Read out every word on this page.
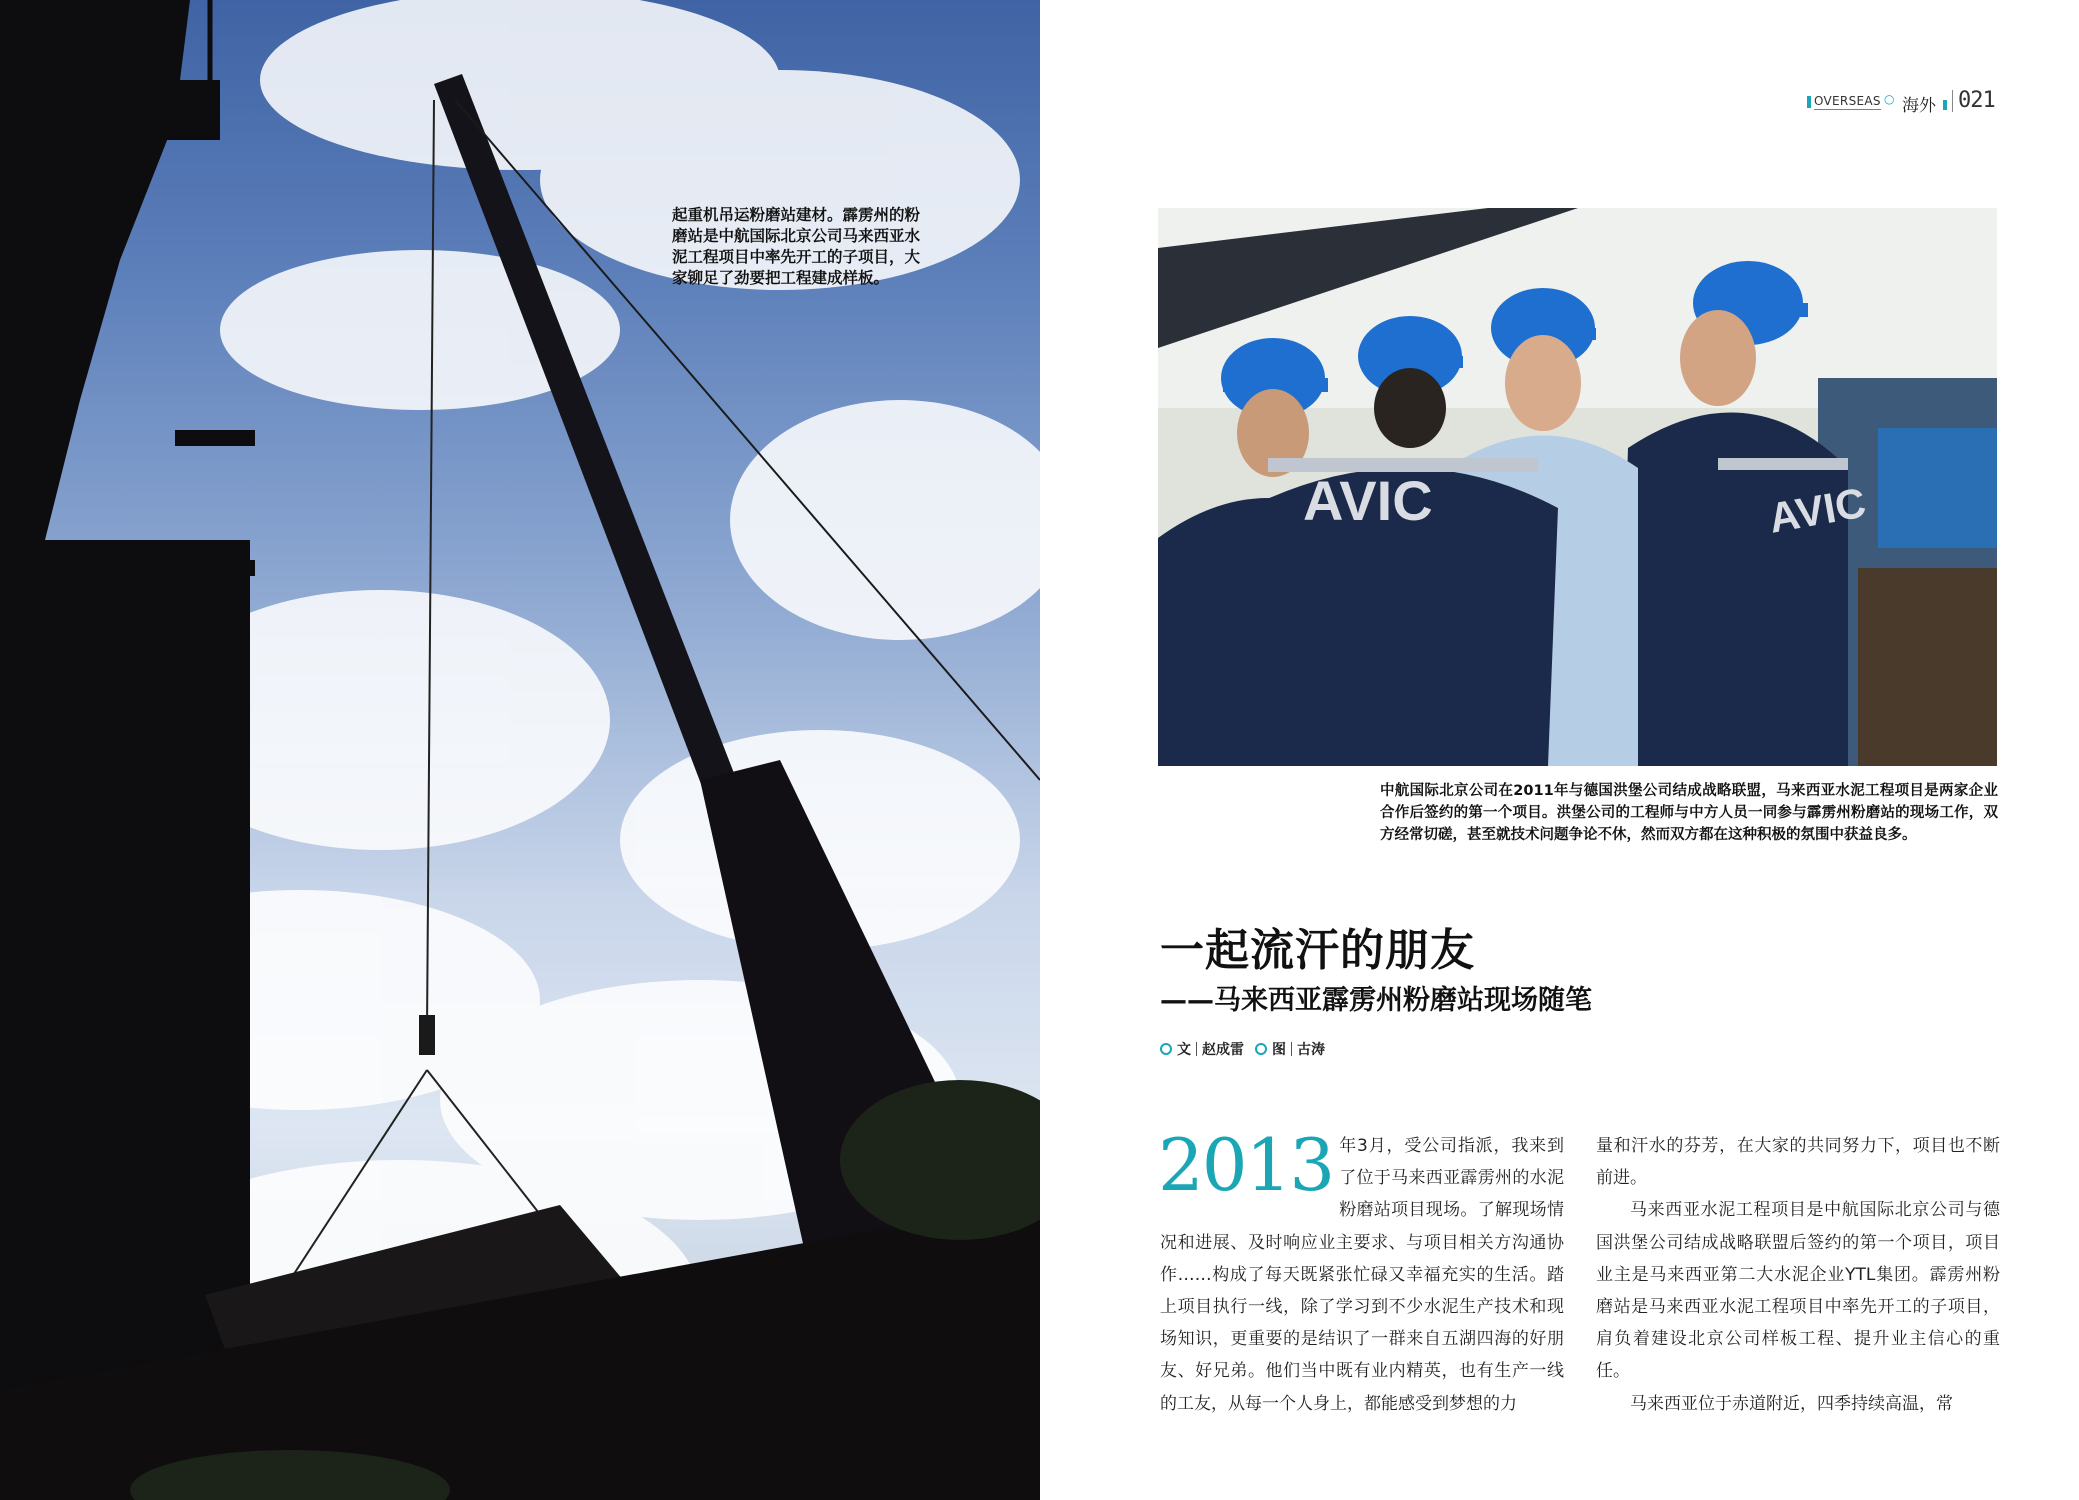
起重机吊运粉磨站建材。霹雳州的粉磨站是中航国际北京公司马来西亚水泥工程项目中率先开工的子项目，大家铆足了劲要把工程建成样板。
OVERSEAS ○ 海外 021
AVIC
AVIC
中航国际北京公司在2011年与德国洪堡公司结成战略联盟，马来西亚水泥工程项目是两家企业合作后签约的第一个项目。洪堡公司的工程师与中方人员一同参与霹雳州粉磨站的现场工作，双方经常切磋，甚至就技术问题争论不休，然而双方都在这种积极的氛围中获益良多。
一起流汗的朋友
——马来西亚霹雳州粉磨站现场随笔
文 赵成雷 图 古涛
2013 年3月，受公司指派，我来到了位于马来西亚霹雳州的水泥粉磨站项目现场。了解现场情况和进展、及时响应业主要求、与项目相关方沟通协作……构成了每天既紧张忙碌又幸福充实的生活。踏上项目执行一线，除了学习到不少水泥生产技术和现场知识，更重要的是结识了一群来自五湖四海的好朋友、好兄弟。他们当中既有业内精英，也有生产一线的工友，从每一个人身上，都能感受到梦想的力

量和汗水的芬芳，在大家的共同努力下，项目也不断前进。

马来西亚水泥工程项目是中航国际北京公司与德国洪堡公司结成战略联盟后签约的第一个项目，项目业主是马来西亚第二大水泥企业YTL集团。霹雳州粉磨站是马来西亚水泥工程项目中率先开工的子项目，肩负着建设北京公司样板工程、提升业主信心的重任。

马来西亚位于赤道附近，四季持续高温，常
